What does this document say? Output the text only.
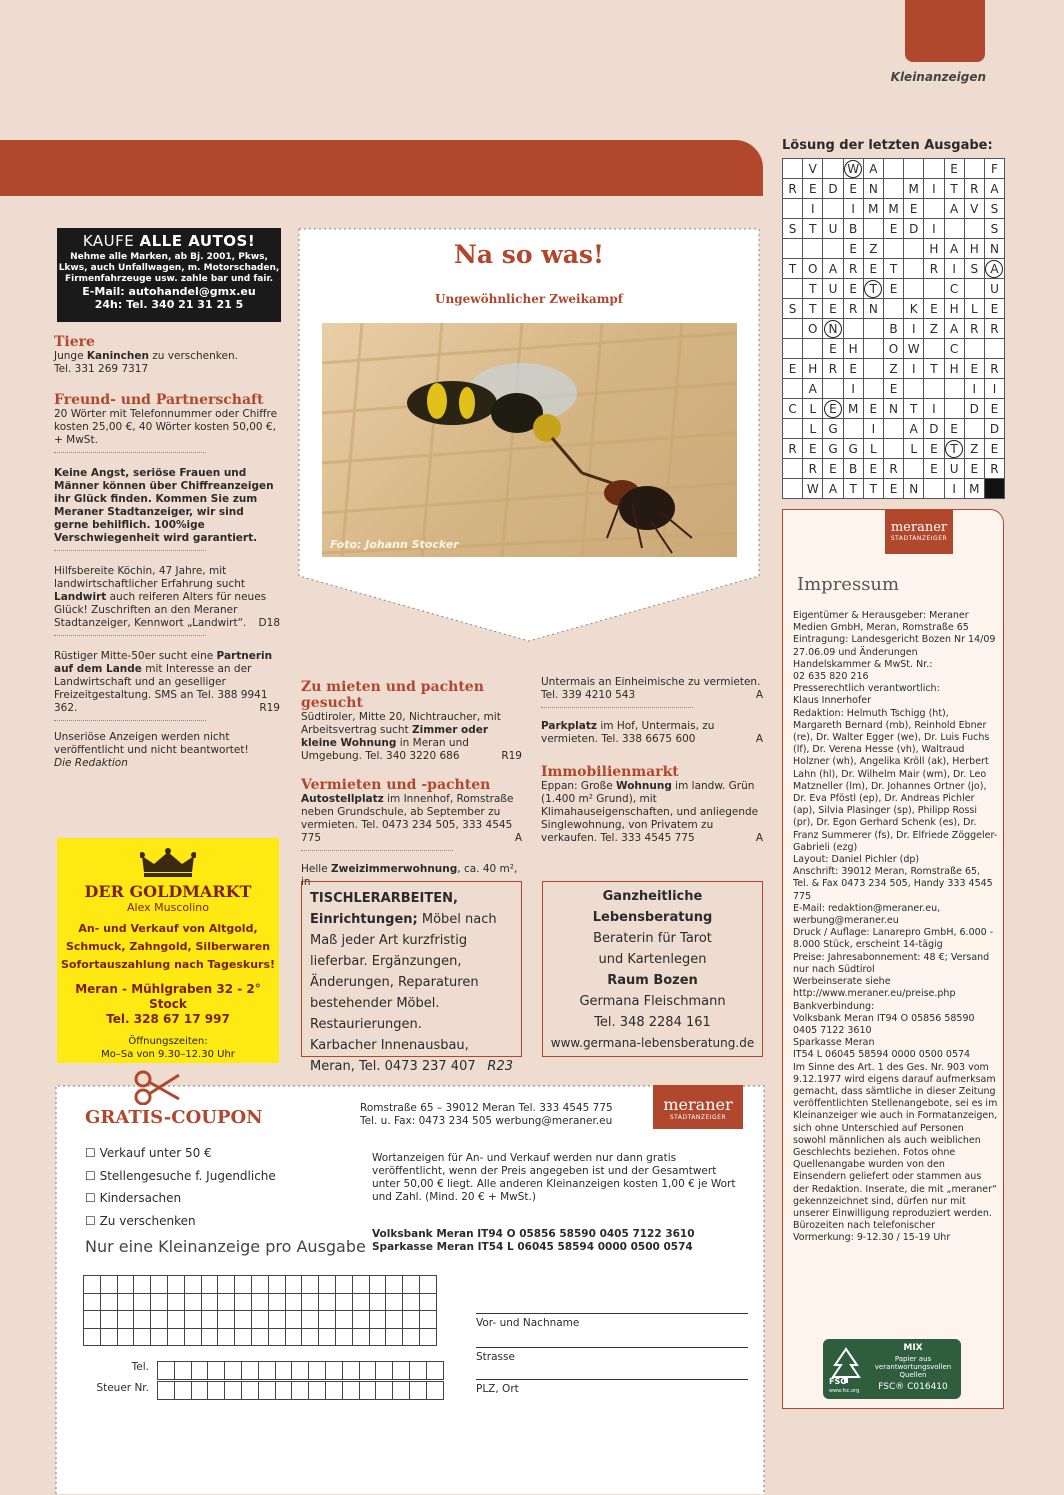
Kleinanzeigen
KAUFE ALLE AUTOS!
Nehme alle Marken, ab Bj. 2001, Pkws, Lkws, auch Unfallwagen, m. Motorschaden, Firmenfahrzeuge usw. zahle bar und fair.
E-Mail: autohandel@gmx.eu
24h: Tel. 340 21 31 21 5
Tiere
Junge Kaninchen zu verschenken.
Tel. 331 269 7317
Freund- und Partnerschaft
20 Wörter mit Telefonnummer oder Chiffre kosten 25,00 €, 40 Wörter kosten 50,00 €, + MwSt.
Keine Angst, seriöse Frauen und Männer können über Chiffreanzeigen ihr Glück finden. Kommen Sie zum Meraner Stadtanzeiger, wir sind gerne behilflich. 100%ige Verschwiegenheit wird garantiert.
Hilfsbereite Köchin, 47 Jahre, mit landwirtschaftlicher Erfahrung sucht Landwirt auch reiferen Alters für neues Glück! Zuschriften an den Meraner Stadtanzeiger, Kennwort „Landwirt“. D18
Rüstiger Mitte-50er sucht eine Partnerin auf dem Lande mit Interesse an der Landwirtschaft und an geselliger Freizeitgestaltung. SMS an Tel. 388 9941 362.	R19
Unseriöse Anzeigen werden nicht veröffentlicht und nicht beantwortet!
Die Redaktion
Na so was!
Ungewöhnlicher Zweikampf
Foto: Johann Stocker
Zu mieten und pachten gesucht
Südtiroler, Mitte 20, Nichtraucher, mit Arbeitsvertrag sucht Zimmer oder kleine Wohnung in Meran und Umgebung. Tel. 340 3220 686	R19
Vermieten und -pachten
Autostellplatz im Innenhof, Romstraße neben Grundschule, ab September zu vermieten. Tel. 0473 234 505, 333 4545 775	A
Helle Zweizimmerwohnung, ca. 40 m², in
Untermais an Einheimische zu vermieten. Tel. 339 4210 543	A
Parkplatz im Hof, Untermais, zu vermieten. Tel. 338 6675 600	A
Immobilienmarkt
Eppan: Große Wohnung im landw. Grün (1.400 m² Grund), mit Klimahauseigenschaften, und anliegende Singlewohnung, von Privatem zu verkaufen. Tel. 333 4545 775	A
TISCHLERARBEITEN, Einrichtungen; Möbel nach Maß jeder Art kurzfristig lieferbar. Ergänzungen, Änderungen, Reparaturen bestehender Möbel. Restaurierungen.
Karbacher Innenausbau,
Meran, Tel. 0473 237 407 R23
Ganzheitliche
Lebensberatung
Beraterin für Tarot
und Kartenlegen
Raum Bozen
Germana Fleischmann
Tel. 348 2284 161
www.germana-lebensberatung.de
DER GOLDMARKT
Alex Muscolino
An- und Verkauf von Altgold,
Schmuck, Zahngold, Silberwaren
Sofortauszahlung nach Tageskurs!
Meran - Mühlgraben 32 - 2° Stock
Tel. 328 67 17 997
Öffnungszeiten:
Mo–Sa von 9.30–12.30 Uhr
Lösung der letzten Ausgabe:
	V		W	A				E		F
R	E	D	E	N		M	I	T	R	A
	I		I	M	M	E		A	V	S
S	T	U	B		E	D	I			S
			E	Z			H	A	H	N
T	O	A	R	E	T		R	I	S	A
	T	U	E	T	E			C		U
S	T	E	R	N		K	E	H	L	E
	O	N			B	I	Z	A	R	R
		E	H		O	W		C		
E	H	R	E		Z	I	T	H	E	R
	A		I		E				I	I
C	L	E	M	E	N	T	I		D	E
	L	G		I		A	D	E		D
R	E	G	G	L		L	E	T	Z	E
	R	E	B	E	R		E	U	E	R
	W	A	T	T	E	N		I	M	
meraner
STADTANZEIGER
Impressum
Eigentümer & Herausgeber: Meraner Medien GmbH, Meran, Romstraße 65
Eintragung: Landesgericht Bozen Nr 14/09 27.06.09 und Änderungen
Handelskammer & MwSt. Nr.:
02 635 820 216
Presserechtlich verantwortlich:
Klaus Innerhofer
Redaktion: Helmuth Tschigg (ht), Margareth Bernard (mb), Reinhold Ebner (re), Dr. Walter Egger (we), Dr. Luis Fuchs (lf), Dr. Verena Hesse (vh), Waltraud Holzner (wh), Angelika Kröll (ak), Herbert Lahn (hl), Dr. Wilhelm Mair (wm), Dr. Leo Matzneller (lm), Dr. Johannes Ortner (jo), Dr. Eva Pföstl (ep), Dr. Andreas Pichler (ap), Silvia Plasinger (sp), Philipp Rossi (pr), Dr. Egon Gerhard Schenk (es), Dr. Franz Summerer (fs), Dr. Elfriede Zöggeler-Gabrieli (ezg)
Layout: Daniel Pichler (dp)
Anschrift: 39012 Meran, Romstraße 65, Tel. & Fax 0473 234 505, Handy 333 4545 775
E-Mail: redaktion@meraner.eu, werbung@meraner.eu
Druck / Auflage: Lanarepro GmbH, 6.000 - 8.000 Stück, erscheint 14-tägig
Preise: Jahresabonnement: 48 €; Versand nur nach Südtirol
Werbeinserate siehe
http://www.meraner.eu/preise.php
Bankverbindung:
Volksbank Meran IT94 O 05856 58590 0405 7122 3610
Sparkasse Meran
IT54 L 06045 58594 0000 0500 0574
Im Sinne des Art. 1 des Ges. Nr. 903 vom 9.12.1977 wird eigens darauf aufmerksam gemacht, dass sämtliche in dieser Zeitung veröffentlichten Stellenangebote, sei es im Kleinanzeiger wie auch in Formatanzeigen, sich ohne Unterschied auf Personen sowohl männlichen als auch weiblichen Geschlechts beziehen. Fotos ohne Quellenangabe wurden von den Einsendern geliefert oder stammen aus der Redaktion. Inserate, die mit „meraner“ gekennzeichnet sind, dürfen nur mit unserer Einwilligung reproduziert werden.
Bürozeiten nach telefonischer Vormerkung: 9-12.30 / 15-19 Uhr
FSC
www.fsc.org
MIX
Papier aus verantwortungsvollen Quellen
FSC® C016410
GRATIS-COUPON	Romstraße 65 – 39012 Meran Tel. 333 4545 775
Tel. u. Fax: 0473 234 505 werbung@meraner.eu
meraner
STADTANZEIGER
☐ Verkauf unter 50 €
☐ Stellengesuche f. Jugendliche
☐ Kindersachen
☐ Zu verschenken
Nur eine Kleinanzeige pro Ausgabe
Wortanzeigen für An- und Verkauf werden nur dann gratis veröffentlicht, wenn der Preis angegeben ist und der Gesamtwert unter 50,00 € liegt. Alle anderen Kleinanzeigen kosten 1,00 € je Wort und Zahl. (Mind. 20 € + MwSt.)
Volksbank Meran IT94 O 05856 58590 0405 7122 3610
Sparkasse Meran IT54 L 06045 58594 0000 0500 0574

Tel.

Steuer Nr.

Vor- und Nachname
Strasse
PLZ, Ort
